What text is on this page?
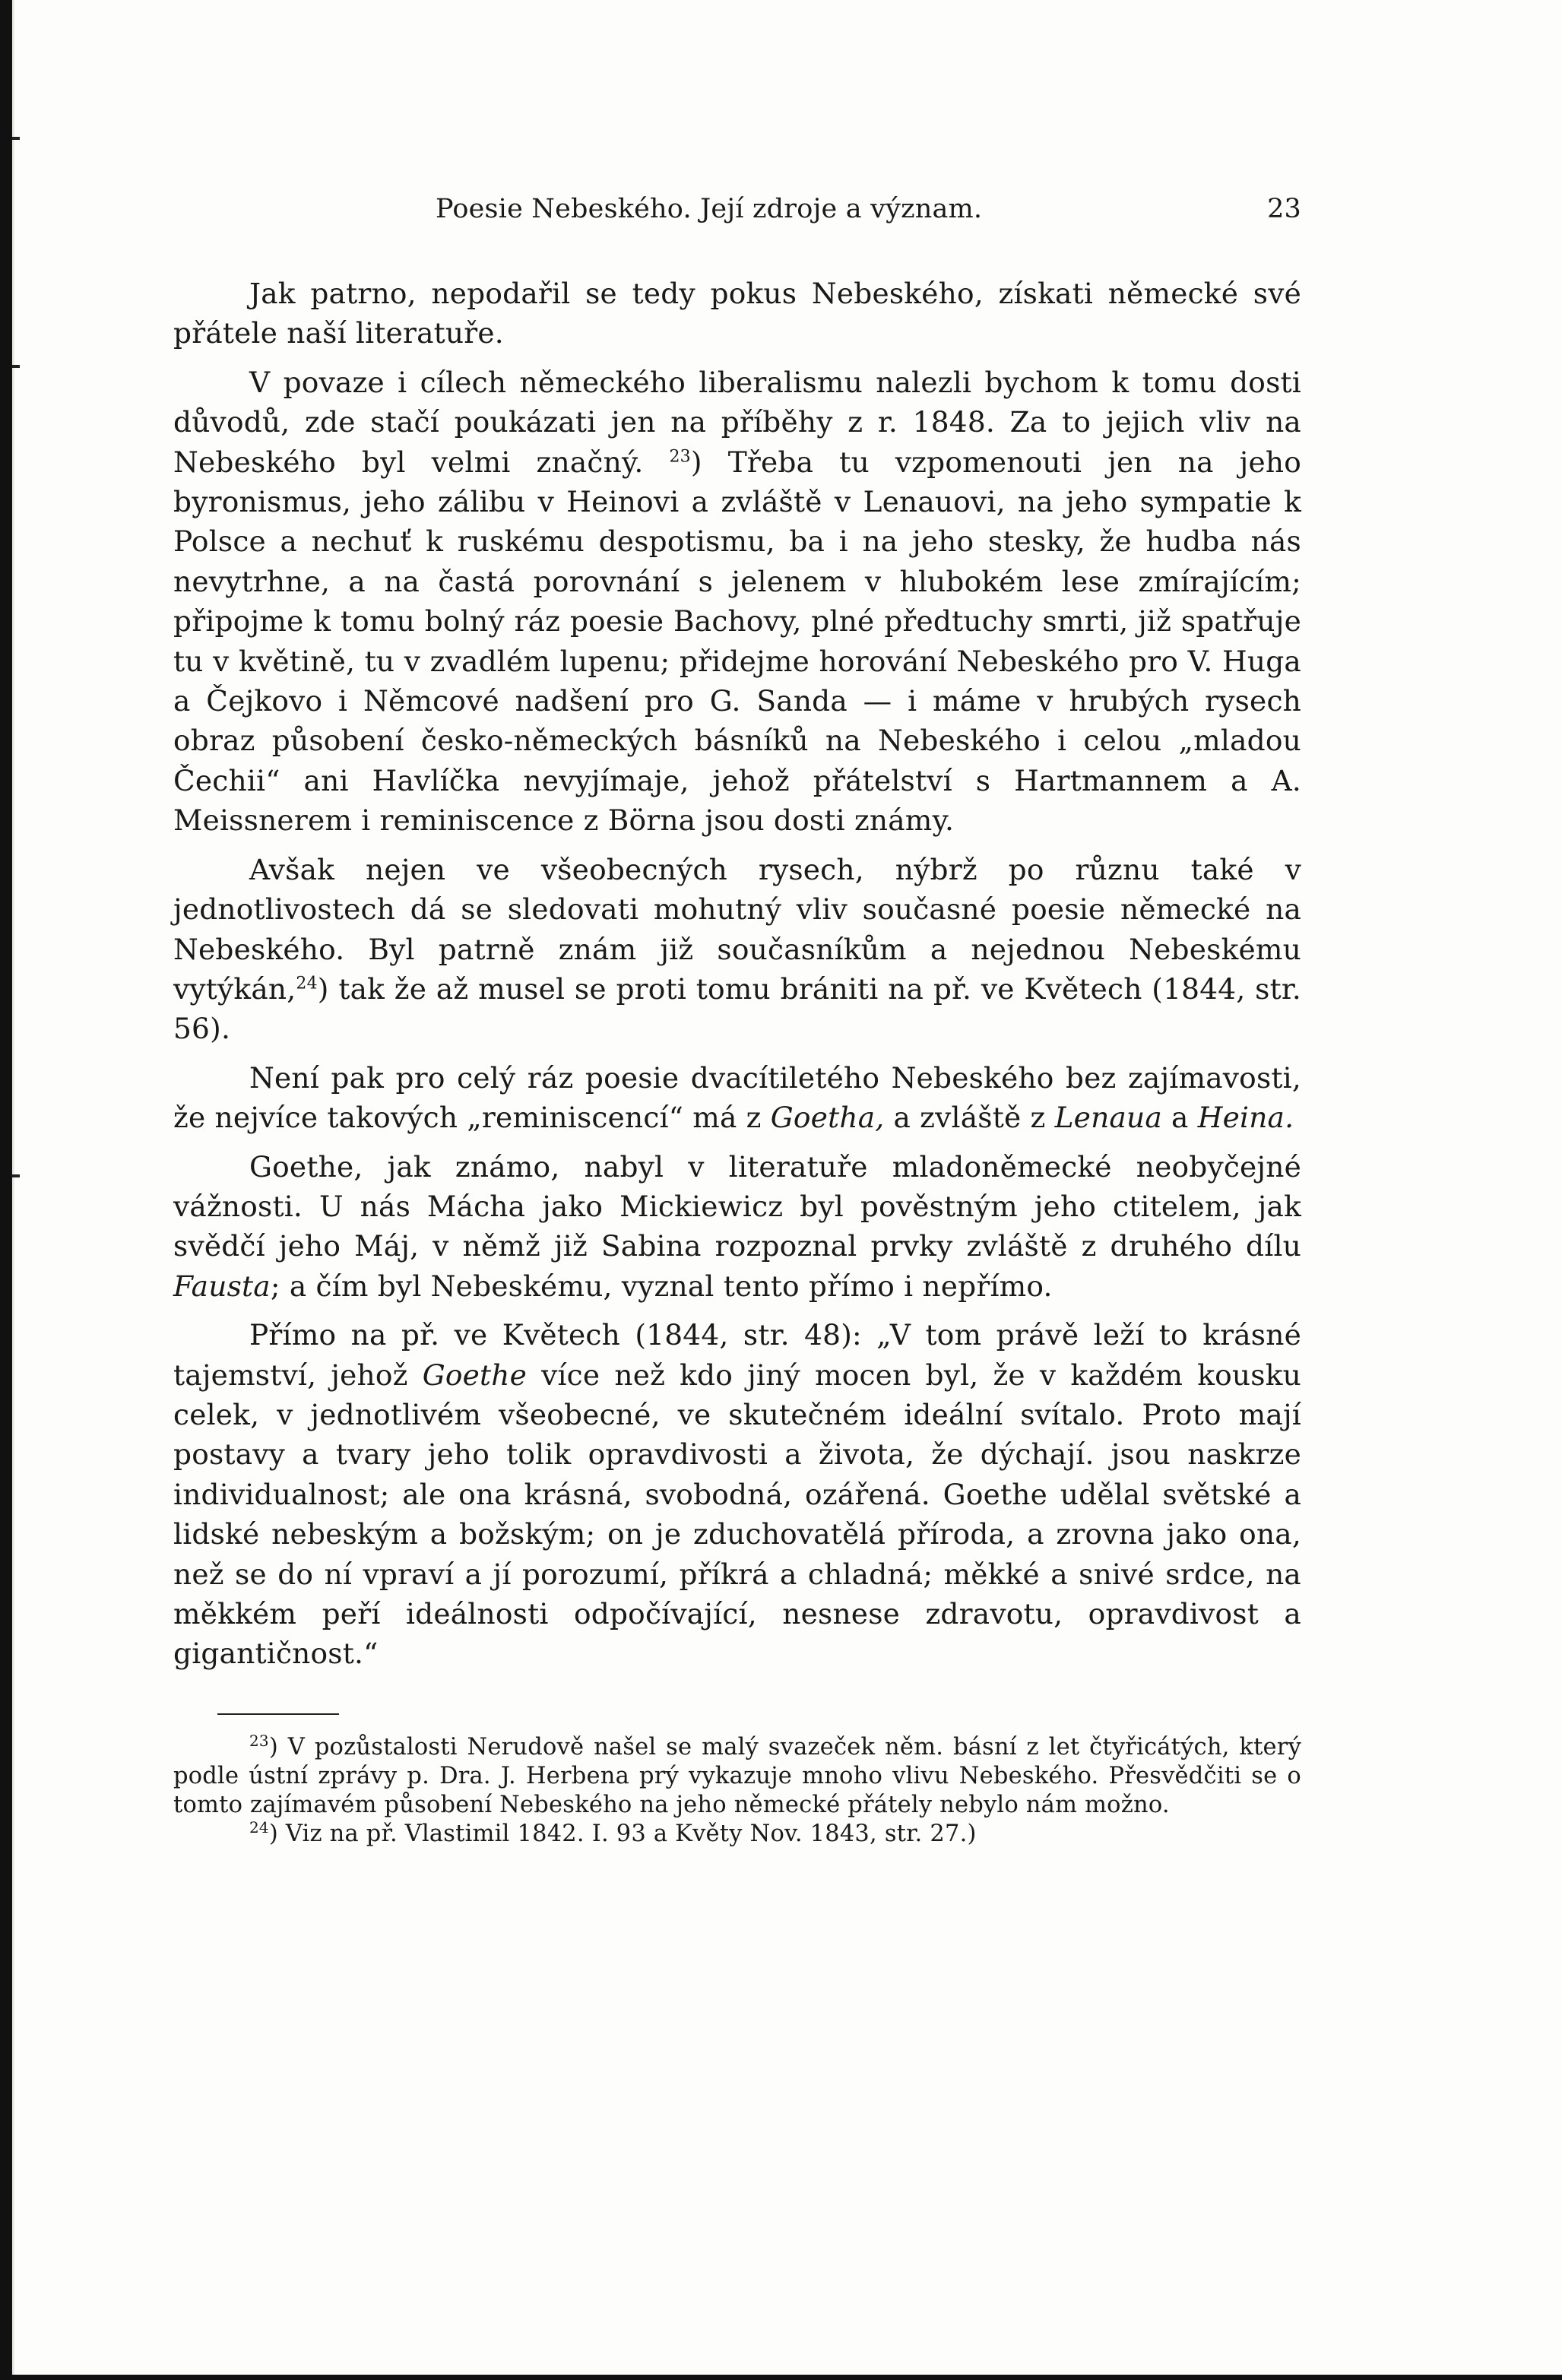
Poesie Nebeského. Její zdroje a význam.	23

Jak patrno, nepodařil se tedy pokus Nebeského, získati německé své přátele naší literatuře.

V povaze i cílech německého liberalismu nalezli bychom k tomu dosti důvodů, zde stačí poukázati jen na příběhy z r. 1848. Za to jejich vliv na Nebeského byl velmi značný. $^{23}$) Třeba tu vzpomenouti jen na jeho byronismus, jeho zálibu v Heinovi a zvláště v Lenauovi, na jeho sympatie k Polsce a nechuť k ruskému despotismu, ba i na jeho stesky, že hudba nás nevytrhne, a na častá porovnání s jelenem v hlubokém lese zmírajícím; připojme k tomu bolný ráz poesie Bachovy, plné předtuchy smrti, již spatřuje tu v květině, tu v zvadlém lupenu; přidejme horování Nebeského pro V. Huga a Čejkovo i Němcové nadšení pro G. Sanda — i máme v hrubých rysech obraz působení česko-německých básníků na Nebeského i celou „mladou Čechii“ ani Havlíčka nevyjímaje, jehož přátelství s Hartmannem a A. Meissnerem i reminiscence z Börna jsou dosti známy.

Avšak nejen ve všeobecných rysech, nýbrž po různu také v jednotlivostech dá se sledovati mohutný vliv současné poesie německé na Nebeského. Byl patrně znám již současníkům a nejednou Nebeskému vytýkán,$^{24}$) tak že až musel se proti tomu brániti na př. ve Květech (1844, str. 56).

Není pak pro celý ráz poesie dvacítiletého Nebeského bez zajímavosti, že nejvíce takových „reminiscencí“ má z Goetha, a zvláště z Lenaua a Heina.

Goethe, jak známo, nabyl v literatuře mladoněmecké neobyčejné vážnosti. U nás Mácha jako Mickiewicz byl pověstným jeho ctitelem, jak svědčí jeho Máj, v němž již Sabina rozpoznal prvky zvláště z druhého dílu Fausta; a čím byl Nebeskému, vyznal tento přímo i nepřímo.

Přímo na př. ve Květech (1844, str. 48): „V tom právě leží to krásné tajemství, jehož Goethe více než kdo jiný mocen byl, že v každém kousku celek, v jednotlivém všeobecné, ve skutečném ideální svítalo. Proto mají postavy a tvary jeho tolik opravdivosti a života, že dýchají. jsou naskrze individualnost; ale ona krásná, svobodná, ozářená. Goethe udělal světské a lidské nebeským a božským; on je zduchovatělá příroda, a zrovna jako ona, než se do ní vpraví a jí porozumí, příkrá a chladná; měkké a snivé srdce, na měkkém peří ideálnosti odpočívající, nesnese zdravotu, opravdivost a gigantičnost.“

$^{23}$) V pozůstalosti Nerudově našel se malý svazeček něm. básní z let čtyřicátých, který podle ústní zprávy p. Dra. J. Herbena prý vykazuje mnoho vlivu Nebeského. Přesvědčiti se o tomto zajímavém působení Nebeského na jeho německé přátely nebylo nám možno.

$^{24}$) Viz na př. Vlastimil 1842. I. 93 a Květy Nov. 1843, str. 27.)
